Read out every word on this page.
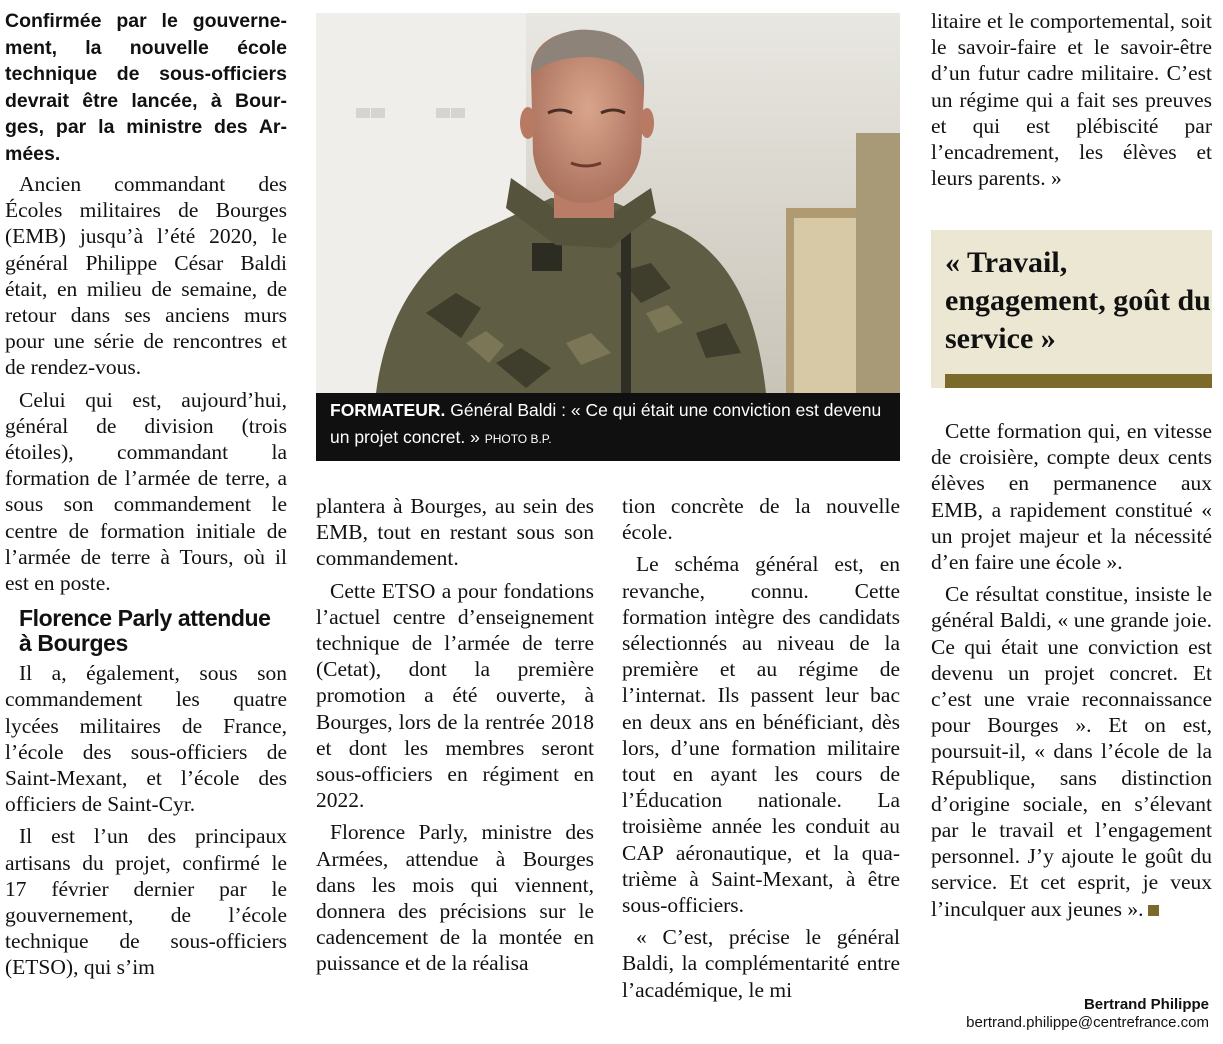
Confirmée par le gouvernement, la nouvelle école technique de sous-officiers devrait être lancée, à Bourges, par la ministre des Armées.

Ancien commandant des Écoles militaires de Bourges (EMB) jusqu’à l’été 2020, le général Philippe César Baldi était, en milieu de semaine, de retour dans ses anciens murs pour une série de rencontres et de rendez-vous.

Celui qui est, aujourd’hui, général de division (trois étoiles), commandant la formation de l’armée de terre, a sous son commandement le centre de formation initiale de l’armée de terre à Tours, où il est en poste.

Florence Parly attendue à Bourges

Il a, également, sous son commandement les quatre lycées militaires de France, l’école des sous-officiers de Saint-Mexant, et l’école des officiers de Saint-Cyr.

Il est l’un des principaux artisans du projet, confirmé le 17 février dernier par le gouvernement, de l’école technique de sous-officiers (ETSO), qui s’im

FORMATEUR. Général Baldi : « Ce qui était une conviction est devenu un projet concret. » PHOTO B.P.

plantera à Bourges, au sein des EMB, tout en restant sous son commandement.

Cette ETSO a pour fondations l’actuel centre d’enseignement technique de l’armée de terre (Cetat), dont la première promotion a été ouverte, à Bourges, lors de la rentrée 2018 et dont les membres seront sous-officiers en régiment en 2022.

Florence Parly, ministre des Armées, attendue à Bourges dans les mois qui viennent, donnera des précisions sur le cadencement de la montée en puissance et de la réalisa

tion concrète de la nouvelle école.

Le schéma général est, en revanche, connu. Cette formation intègre des candidats sélectionnés au niveau de la première et au régime de l’internat. Ils passent leur bac en deux ans en bénéficiant, dès lors, d’une formation militaire tout en ayant les cours de l’Éducation nationale. La troisième année les conduit au CAP aéronautique, et la quatrième à Saint-Mexant, à être sous-officiers.

« C’est, précise le général Baldi, la complémentarité entre l’académique, le mi

litaire et le comportemental, soit le savoir-faire et le savoir-être d’un futur cadre militaire. C’est un régime qui a fait ses preuves et qui est plébiscité par l’encadrement, les élèves et leurs parents. »

« Travail, engagement, goût du service »

Cette formation qui, en vitesse de croisière, compte deux cents élèves en permanence aux EMB, a rapidement constitué « un projet majeur et la nécessité d’en faire une école ».

Ce résultat constitue, insiste le général Baldi, « une grande joie. Ce qui était une conviction est devenu un projet concret. Et c’est une vraie reconnaissance pour Bourges ». Et on est, poursuit-il, « dans l’école de la République, sans distinction d’origine sociale, en s’élevant par le travail et l’engagement personnel. J’y ajoute le goût du service. Et cet esprit, je veux l’inculquer aux jeunes ».

Bertrand Philippe
bertrand.philippe@centrefrance.com
